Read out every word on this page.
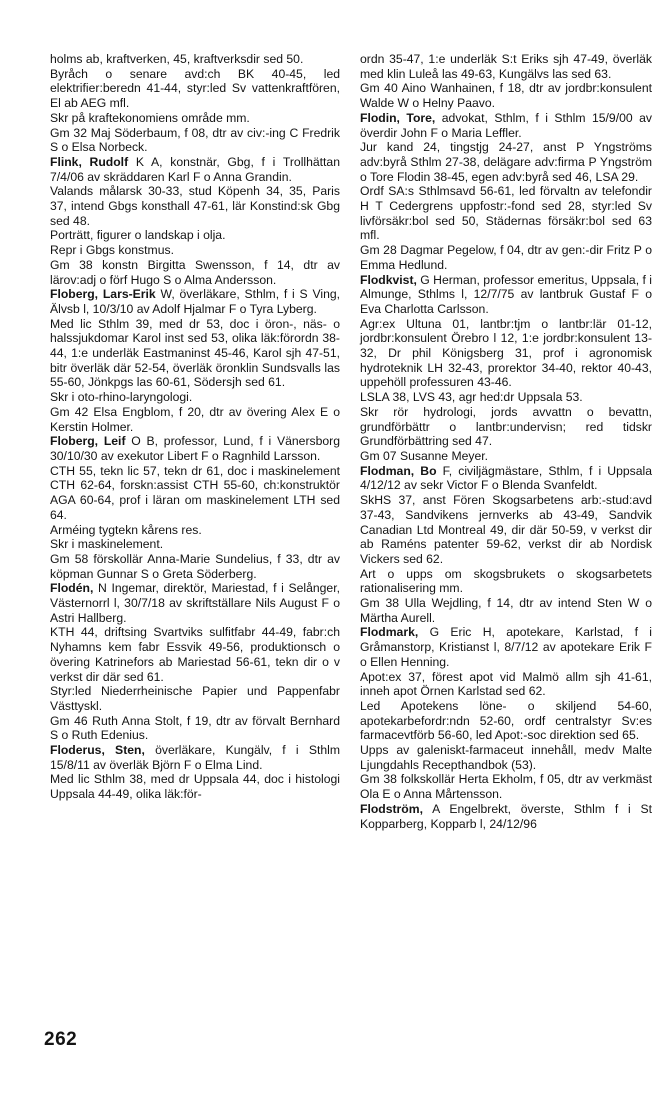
holms ab, kraftverken, 45, kraftverksdir sed 50.

Byråch o senare avd:ch BK 40-45, led elektrifier:beredn 41-44, styr:led Sv vattenkraftfören, El ab AEG mfl.

Skr på kraftekonomiens område mm.

Gm 32 Maj Söderbaum, f 08, dtr av civ:-ing C Fredrik S o Elsa Norbeck.

Flink, Rudolf K A, konstnär, Gbg, f i Trollhättan 7/4/06 av skräddaren Karl F o Anna Grandin.

Valands målarsk 30-33, stud Köpenh 34, 35, Paris 37, intend Gbgs konsthall 47-61, lär Konstind:sk Gbg sed 48.

Porträtt, figurer o landskap i olja.

Repr i Gbgs konstmus.

Gm 38 konstn Birgitta Swensson, f 14, dtr av lärov:adj o förf Hugo S o Alma Andersson.

Floberg, Lars-Erik W, överläkare, Sthlm, f i S Ving, Älvsb l, 10/3/10 av Adolf Hjalmar F o Tyra Lyberg.

Med lic Sthlm 39, med dr 53, doc i öron-, näs- o halssjukdomar Karol inst sed 53, olika läk:förordn 38-44, 1:e underläk Eastmaninst 45-46, Karol sjh 47-51, bitr överläk där 52-54, överläk öronklin Sundsvalls las 55-60, Jönkpgs las 60-61, Södersjh sed 61.

Skr i oto-rhino-laryngologi.

Gm 42 Elsa Engblom, f 20, dtr av övering Alex E o Kerstin Holmer.

Floberg, Leif O B, professor, Lund, f i Vänersborg 30/10/30 av exekutor Libert F o Ragnhild Larsson.

CTH 55, tekn lic 57, tekn dr 61, doc i maskinelement CTH 62-64, forskn:assist CTH 55-60, ch:konstruktör AGA 60-64, prof i läran om maskinelement LTH sed 64.

Arméing tygtekn kårens res.

Skr i maskinelement.

Gm 58 förskollär Anna-Marie Sundelius, f 33, dtr av köpman Gunnar S o Greta Söderberg.

Flodén, N Ingemar, direktör, Mariestad, f i Selånger, Västernorrl l, 30/7/18 av skriftställare Nils August F o Astri Hallberg.

KTH 44, driftsing Svartviks sulfitfabr 44-49, fabr:ch Nyhamns kem fabr Essvik 49-56, produktionsch o övering Katrinefors ab Mariestad 56-61, tekn dir o v verkst dir där sed 61.

Styr:led Niederrheinische Papier und Pappenfabr Västtyskl.

Gm 46 Ruth Anna Stolt, f 19, dtr av förvalt Bernhard S o Ruth Edenius.

Floderus, Sten, överläkare, Kungälv, f i Sthlm 15/8/11 av överläk Björn F o Elma Lind.

Med lic Sthlm 38, med dr Uppsala 44, doc i histologi Uppsala 44-49, olika läk:för-

ordn 35-47, 1:e underläk S:t Eriks sjh 47-49, överläk med klin Luleå las 49-63, Kungälvs las sed 63.

Gm 40 Aino Wanhainen, f 18, dtr av jordbr:konsulent Walde W o Helny Paavo.

Flodin, Tore, advokat, Sthlm, f i Sthlm 15/9/00 av överdir John F o Maria Leffler.

Jur kand 24, tingstjg 24-27, anst P Yngströms adv:byrå Sthlm 27-38, delägare adv:firma P Yngström o Tore Flodin 38-45, egen adv:byrå sed 46, LSA 29.

Ordf SA:s Sthlmsavd 56-61, led förvaltn av telefondir H T Cedergrens uppfostr:-fond sed 28, styr:led Sv livförsäkr:bol sed 50, Städernas försäkr:bol sed 63 mfl.

Gm 28 Dagmar Pegelow, f 04, dtr av gen:-dir Fritz P o Emma Hedlund.

Flodkvist, G Herman, professor emeritus, Uppsala, f i Almunge, Sthlms l, 12/7/75 av lantbruk Gustaf F o Eva Charlotta Carlsson.

Agr:ex Ultuna 01, lantbr:tjm o lantbr:lär 01-12, jordbr:konsulent Örebro l 12, 1:e jordbr:konsulent 13-32, Dr phil Königsberg 31, prof i agronomisk hydroteknik LH 32-43, prorektor 34-40, rektor 40-43, uppehöll professuren 43-46.

LSLA 38, LVS 43, agr hed:dr Uppsala 53.

Skr rör hydrologi, jords avvattn o bevattn, grundförbättr o lantbr:undervisn; red tidskr Grundförbättring sed 47.

Gm 07 Susanne Meyer.

Flodman, Bo F, civiljägmästare, Sthlm, f i Uppsala 4/12/12 av sekr Victor F o Blenda Svanfeldt.

SkHS 37, anst Fören Skogsarbetens arb:-stud:avd 37-43, Sandvikens jernverks ab 43-49, Sandvik Canadian Ltd Montreal 49, dir där 50-59, v verkst dir ab Raméns patenter 59-62, verkst dir ab Nordisk Vickers sed 62.

Art o upps om skogsbrukets o skogsarbetets rationalisering mm.

Gm 38 Ulla Wejdling, f 14, dtr av intend Sten W o Märtha Aurell.

Flodmark, G Eric H, apotekare, Karlstad, f i Gråmanstorp, Kristianst l, 8/7/12 av apotekare Erik F o Ellen Henning.

Apot:ex 37, förest apot vid Malmö allm sjh 41-61, inneh apot Örnen Karlstad sed 62.

Led Apotekens löne- o skiljend 54-60, apotekarbefordr:ndn 52-60, ordf centralstyr Sv:es farmacevtförb 56-60, led Apot:-soc direktion sed 65.

Upps av galeniskt-farmaceut innehåll, medv Malte Ljungdahls Recepthandbok (53).

Gm 38 folkskollär Herta Ekholm, f 05, dtr av verkmäst Ola E o Anna Mårtensson.

Flodström, A Engelbrekt, överste, Sthlm f i St Kopparberg, Kopparb l, 24/12/96

262
